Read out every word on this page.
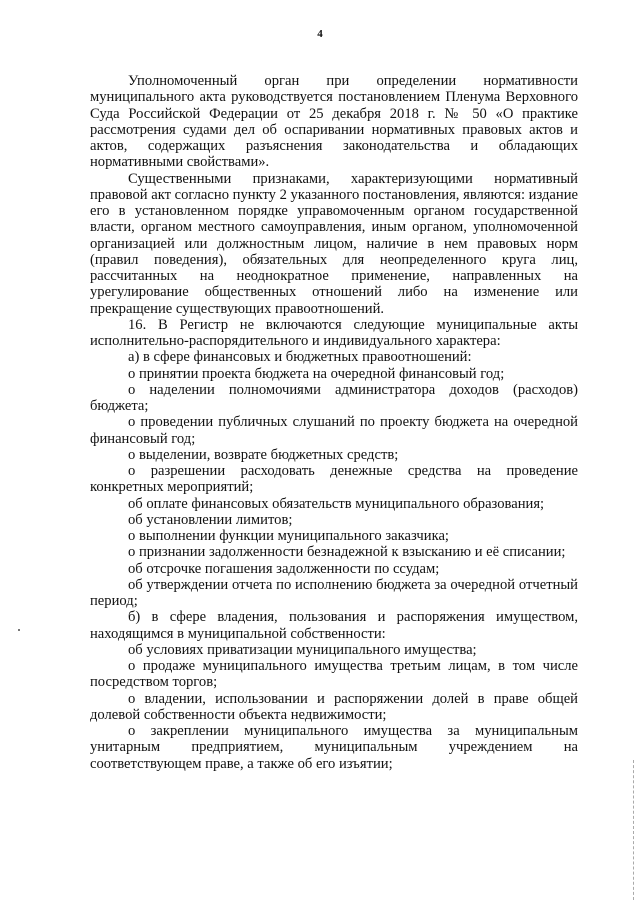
4

Уполномоченный орган при определении нормативности муниципального акта руководствуется постановлением Пленума Верховного Суда Российской Федерации от 25 декабря 2018 г. № 50 «О практике рассмотрения судами дел об оспаривании нормативных правовых актов и актов, содержащих разъяснения законодательства и обладающих нормативными свойствами».

Существенными признаками, характеризующими нормативный правовой акт согласно пункту 2 указанного постановления, являются: издание его в установленном порядке управомоченным органом государственной власти, органом местного самоуправления, иным органом, уполномоченной организацией или должностным лицом, наличие в нем правовых норм (правил поведения), обязательных для неопределенного круга лиц, рассчитанных на неоднократное применение, направленных на урегулирование общественных отношений либо на изменение или прекращение существующих правоотношений.

16. В Регистр не включаются следующие муниципальные акты исполнительно-распорядительного и индивидуального характера:

а) в сфере финансовых и бюджетных правоотношений:

о принятии проекта бюджета на очередной финансовый год;

о наделении полномочиями администратора доходов (расходов) бюджета;

о проведении публичных слушаний по проекту бюджета на очередной финансовый год;

о выделении, возврате бюджетных средств;

о разрешении расходовать денежные средства на проведение конкретных мероприятий;

об оплате финансовых обязательств муниципального образования;

об установлении лимитов;

о выполнении функции муниципального заказчика;

о признании задолженности безнадежной к взысканию и её списании;

об отсрочке погашения задолженности по ссудам;

об утверждении отчета по исполнению бюджета за очередной отчетный период;

б) в сфере владения, пользования и распоряжения имуществом, находящимся в муниципальной собственности:

об условиях приватизации муниципального имущества;

о продаже муниципального имущества третьим лицам, в том числе посредством торгов;

о владении, использовании и распоряжении долей в праве общей долевой собственности объекта недвижимости;

о закреплении муниципального имущества за муниципальным унитарным предприятием, муниципальным учреждением на соответствующем праве, а также об его изъятии;
